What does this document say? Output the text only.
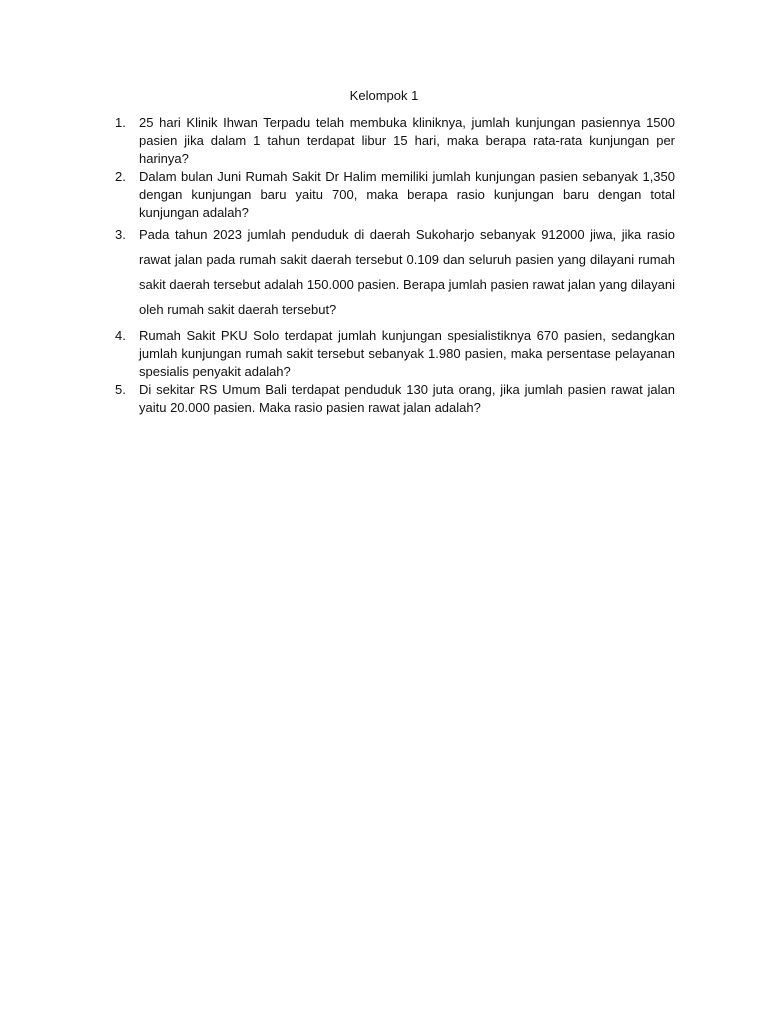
Kelompok 1
1.	25 hari Klinik Ihwan Terpadu telah membuka kliniknya, jumlah kunjungan pasiennya 1500 pasien jika dalam 1 tahun terdapat libur 15 hari, maka berapa rata-rata kunjungan per harinya?
2.	Dalam bulan Juni Rumah Sakit Dr Halim memiliki jumlah kunjungan pasien sebanyak 1,350 dengan kunjungan baru yaitu 700, maka berapa rasio kunjungan baru dengan total kunjungan adalah?
3.	Pada tahun 2023 jumlah penduduk di daerah Sukoharjo sebanyak 912000 jiwa, jika rasio rawat jalan pada rumah sakit daerah tersebut 0.109 dan seluruh pasien yang dilayani rumah sakit daerah tersebut adalah 150.000 pasien. Berapa jumlah pasien rawat jalan yang dilayani oleh rumah sakit daerah tersebut?
4.	Rumah Sakit PKU Solo terdapat jumlah kunjungan spesialistiknya 670 pasien, sedangkan jumlah kunjungan rumah sakit tersebut sebanyak 1.980 pasien, maka persentase pelayanan spesialis penyakit adalah?
5.	Di sekitar RS Umum Bali terdapat penduduk 130 juta orang, jika jumlah pasien rawat jalan yaitu 20.000 pasien. Maka rasio pasien rawat jalan adalah?
